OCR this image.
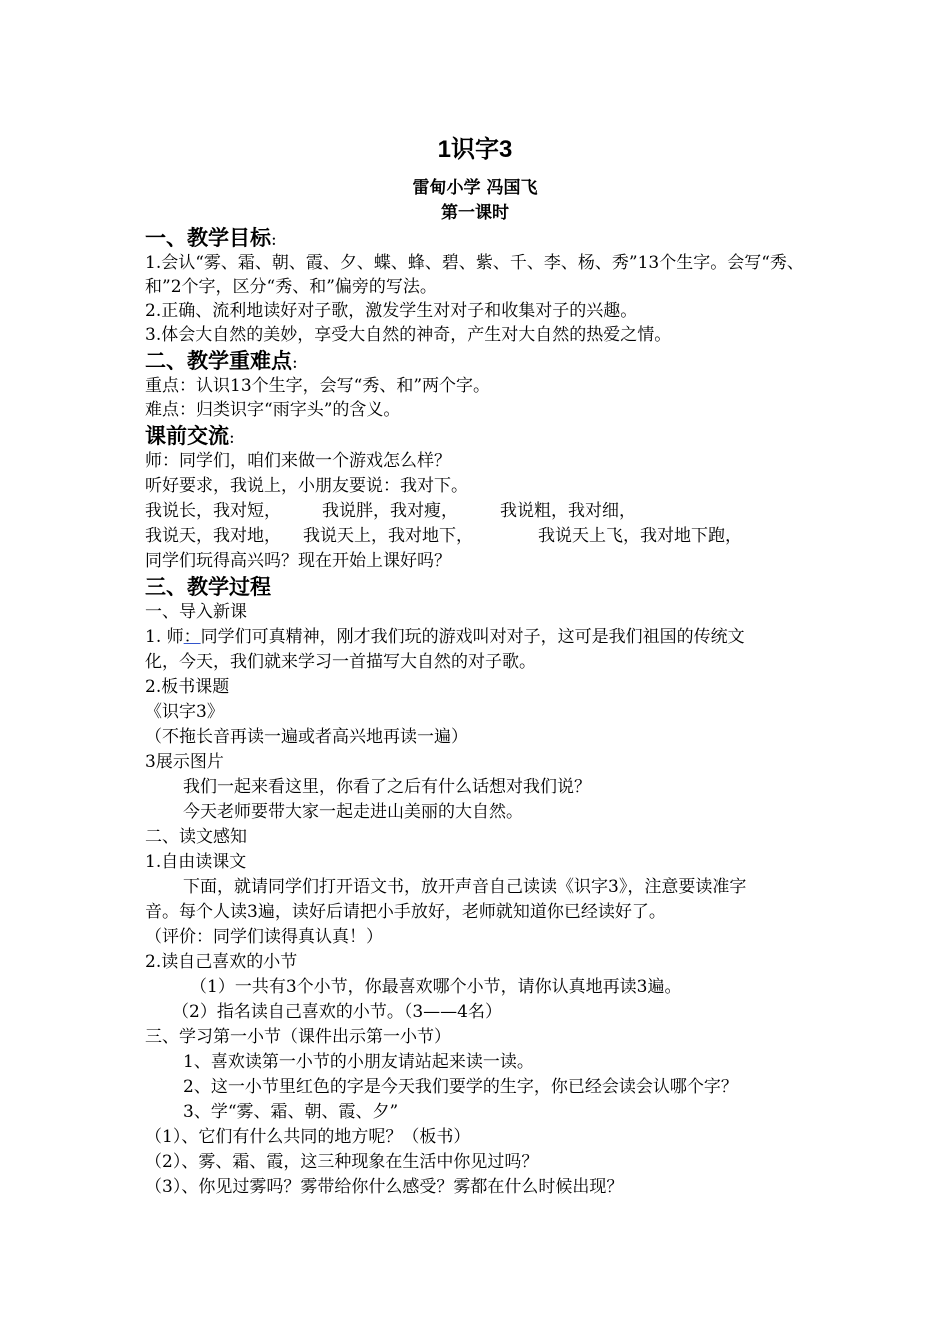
1识字3
雷甸小学 冯国飞
第一课时
一、教学目标:
1.会认“雾、霜、朝、霞、夕、蝶、蜂、碧、紫、千、李、杨、秀”13个生字。会写“秀、
和”2个字，区分“秀、和”偏旁的写法。
2.正确、流利地读好对子歌，激发学生对对子和收集对子的兴趣。
3.体会大自然的美妙，享受大自然的神奇，产生对大自然的热爱之情。
二、教学重难点:
重点：认识13个生字，会写“秀、和”两个字。
难点：归类识字“雨字头”的含义。
课前交流:
师：同学们，咱们来做一个游戏怎么样？
听好要求，我说上，小朋友要说：我对下。
我说长，我对短， 我说胖，我对瘦， 我说粗，我对细，
我说天，我对地， 我说天上，我对地下，	我说天上飞，我对地下跑，
同学们玩得高兴吗？现在开始上课好吗？
三、教学过程
一、导入新课
1. 师：同学们可真精神，刚才我们玩的游戏叫对对子，这可是我们祖国的传统文
化，今天，我们就来学习一首描写大自然的对子歌。
2.板书课题
《识字3》
（不拖长音再读一遍或者高兴地再读一遍）
3展示图片
我们一起来看这里，你看了之后有什么话想对我们说？
今天老师要带大家一起走进山美丽的大自然。
二、读文感知
1.自由读课文
下面，就请同学们打开语文书，放开声音自己读读《识字3》，注意要读准字
音。每个人读3遍，读好后请把小手放好，老师就知道你已经读好了。
（评价：同学们读得真认真！）
2.读自己喜欢的小节
（1）一共有3个小节，你最喜欢哪个小节，请你认真地再读3遍。
（2）指名读自己喜欢的小节。（3——4名）
三、学习第一小节（课件出示第一小节）
1、喜欢读第一小节的小朋友请站起来读一读。
2、这一小节里红色的字是今天我们要学的生字，你已经会读会认哪个字？
3、学“雾、霜、朝、霞、夕”
（1）、它们有什么共同的地方呢？（板书）
（2）、雾、霜、霞，这三种现象在生活中你见过吗？
（3）、你见过雾吗？雾带给你什么感受？雾都在什么时候出现？
